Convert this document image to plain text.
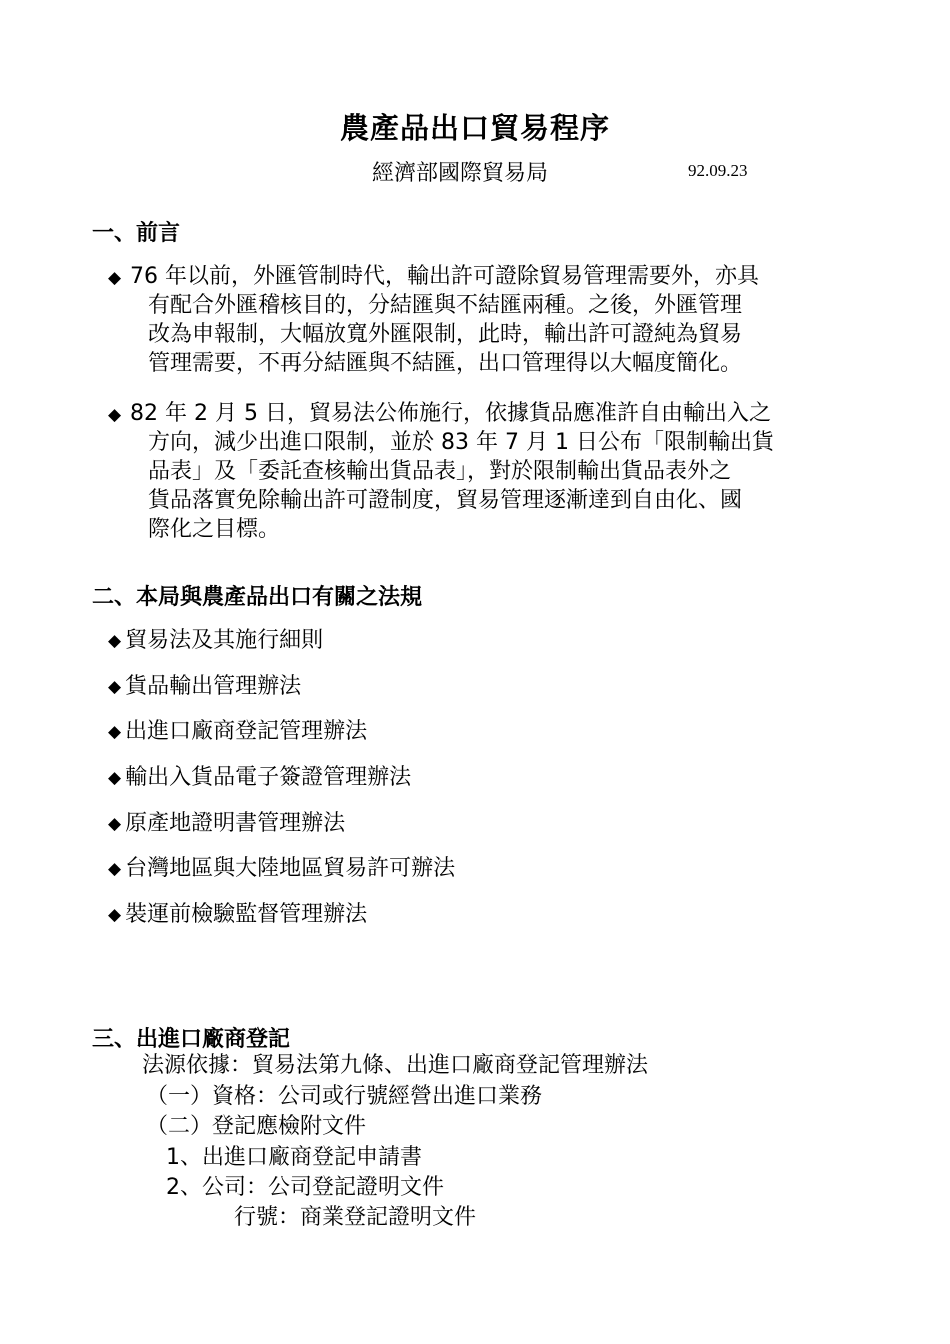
農產品出口貿易程序
經濟部國際貿易局	92.09.23
一、前言
◆ 76 年以前，外匯管制時代，輸出許可證除貿易管理需要外，亦具
有配合外匯稽核目的，分結匯與不結匯兩種。之後，外匯管理
改為申報制，大幅放寬外匯限制，此時，輸出許可證純為貿易
管理需要，不再分結匯與不結匯，出口管理得以大幅度簡化。
◆ 82 年 2 月 5 日，貿易法公佈施行，依據貨品應准許自由輸出入之
方向，減少出進口限制，並於 83 年 7 月 1 日公布「限制輸出貨
品表」及「委託查核輸出貨品表」，對於限制輸出貨品表外之
貨品落實免除輸出許可證制度，貿易管理逐漸達到自由化、國
際化之目標。
二、本局與農產品出口有關之法規
◆ 貿易法及其施行細則
◆ 貨品輸出管理辦法
◆ 出進口廠商登記管理辦法
◆ 輸出入貨品電子簽證管理辦法
◆ 原產地證明書管理辦法
◆ 台灣地區與大陸地區貿易許可辦法
◆ 裝運前檢驗監督管理辦法
三、出進口廠商登記
法源依據：貿易法第九條、出進口廠商登記管理辦法
（一）資格：公司或行號經營出進口業務
（二）登記應檢附文件
1、出進口廠商登記申請書
2、公司：公司登記證明文件
行號：商業登記證明文件
